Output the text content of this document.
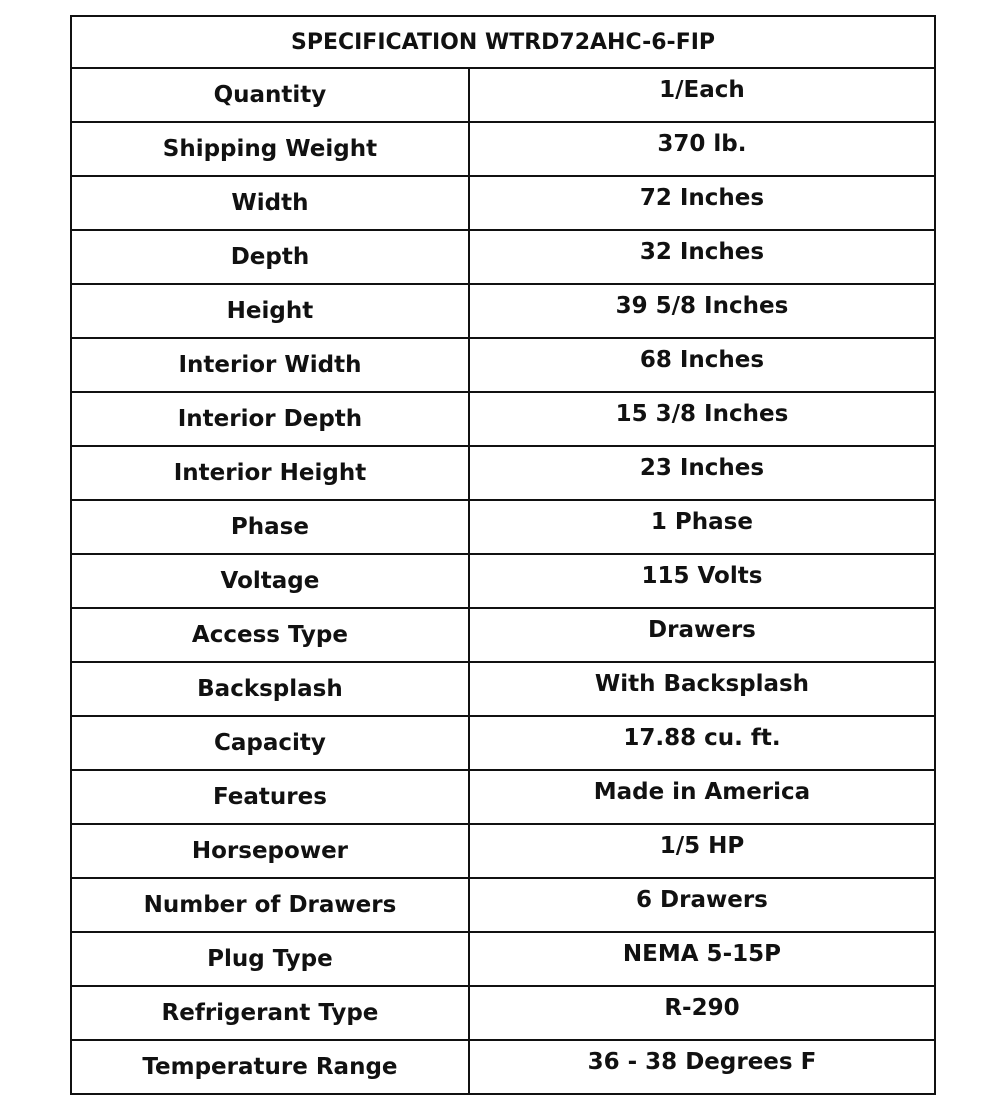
SPECIFICATION WTRD72AHC-6-FIP	
Quantity	1/Each
Shipping Weight	370 lb.
Width	72 Inches
Depth	32 Inches
Height	39 5/8 Inches
Interior Width	68 Inches
Interior Depth	15 3/8 Inches
Interior Height	23 Inches
Phase	1 Phase
Voltage	115 Volts
Access Type	Drawers
Backsplash	With Backsplash
Capacity	17.88 cu. ft.
Features	Made in America
Horsepower	1/5 HP
Number of Drawers	6 Drawers
Plug Type	NEMA 5-15P
Refrigerant Type	R-290
Temperature Range	36 - 38 Degrees F
